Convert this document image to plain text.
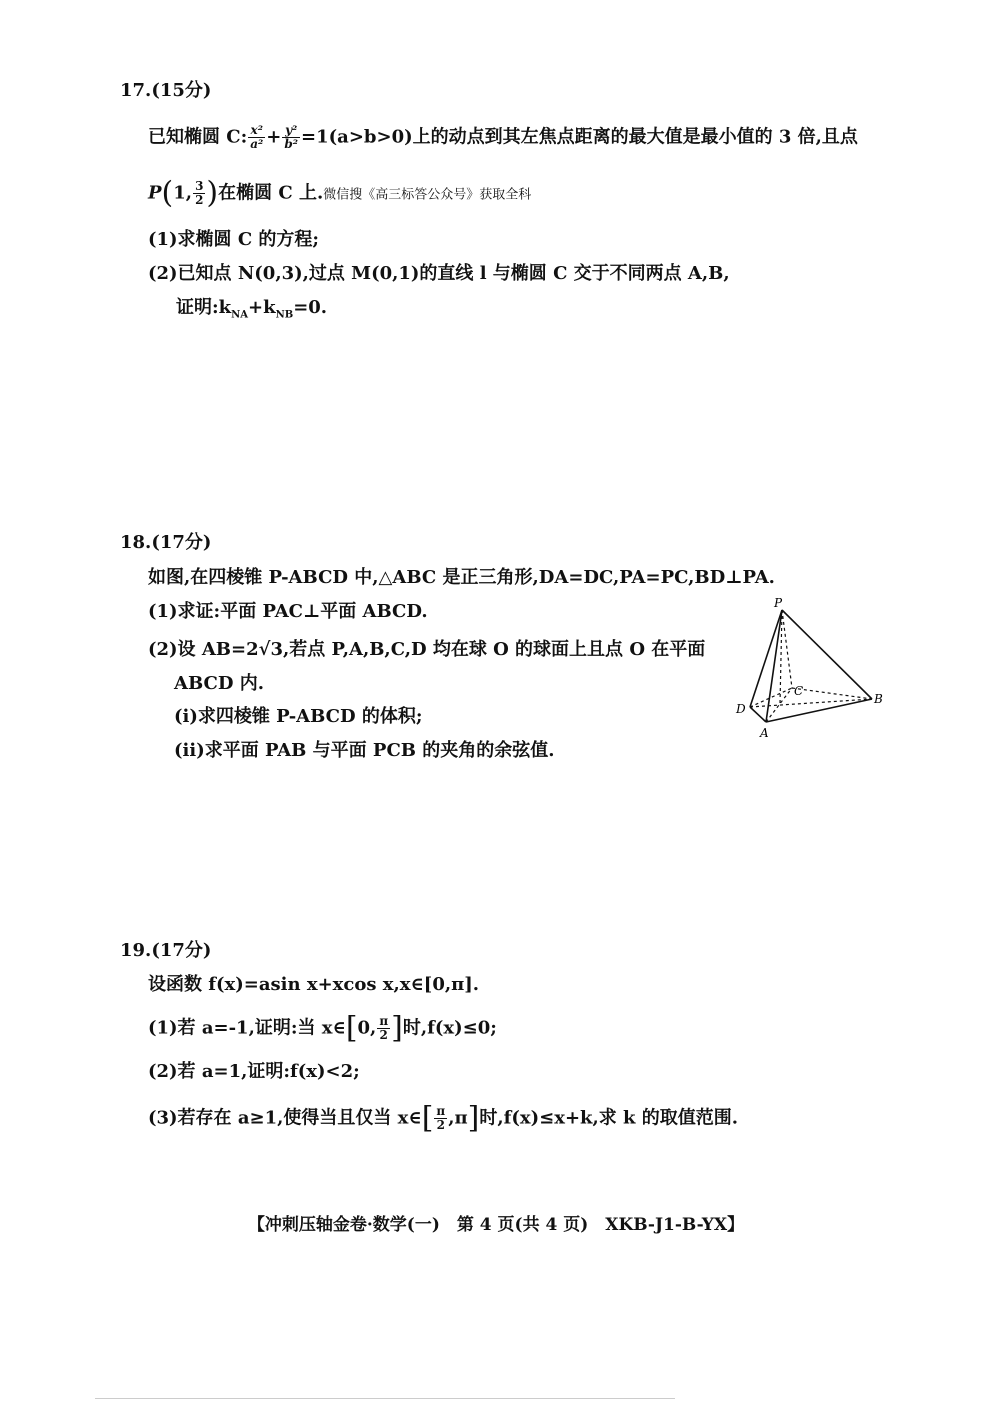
17.(15分)
已知椭圆 C: $\frac{\text{x²}}{\text{a²}} + \frac{\text{y²}}{\text{b²}} =1(a>b>0)$上的动点到其左焦点距离的最大值是最小值的 3 倍,且点
P(1, $\frac{3}{2}$ )在椭圆 C 上.微信搜《高三标答公众号》获取全科
(1)求椭圆 C 的方程;
(2)已知点 N(0,3),过点 M(0,1)的直线 l 与椭圆 C 交于不同两点 A,B,
证明$:k_{NA}+k_{NB}=0$.
18.(17分)
如图,在四棱锥 P-ABCD 中,△ABC 是正三角形,DA=DC,PA=PC,BD⊥PA.
(1)求证:平面 PAC⊥平面 ABCD.
(2)设 AB=2√3,若点 P,A,B,C,D 均在球 O 的球面上且点 O 在平面
ABCD 内.
(ⅰ)求四棱锥 P-ABCD 的体积;
(ⅱ)求平面 PAB 与平面 PCB 的夹角的余弦值.
P
C
D
B
A
19.(17分)
设函数 f(x)=asin x+xcos x,x∈[0,π].
(1)若 a=-1,证明:当 x∈[0, $\frac{\pi}{2}$ ]时,f(x)≤0;
(2)若 a=1,证明:f(x)<2;
(3)若存在 a≥1,使得当且仅当 x∈[ $\frac{\pi}{2} ,\pi$]时,f(x)≤x+k,求 k 的取值范围.
【冲刺压轴金卷·数学(一)　第 4 页(共 4 页)　XKB-J1-B-YX】
